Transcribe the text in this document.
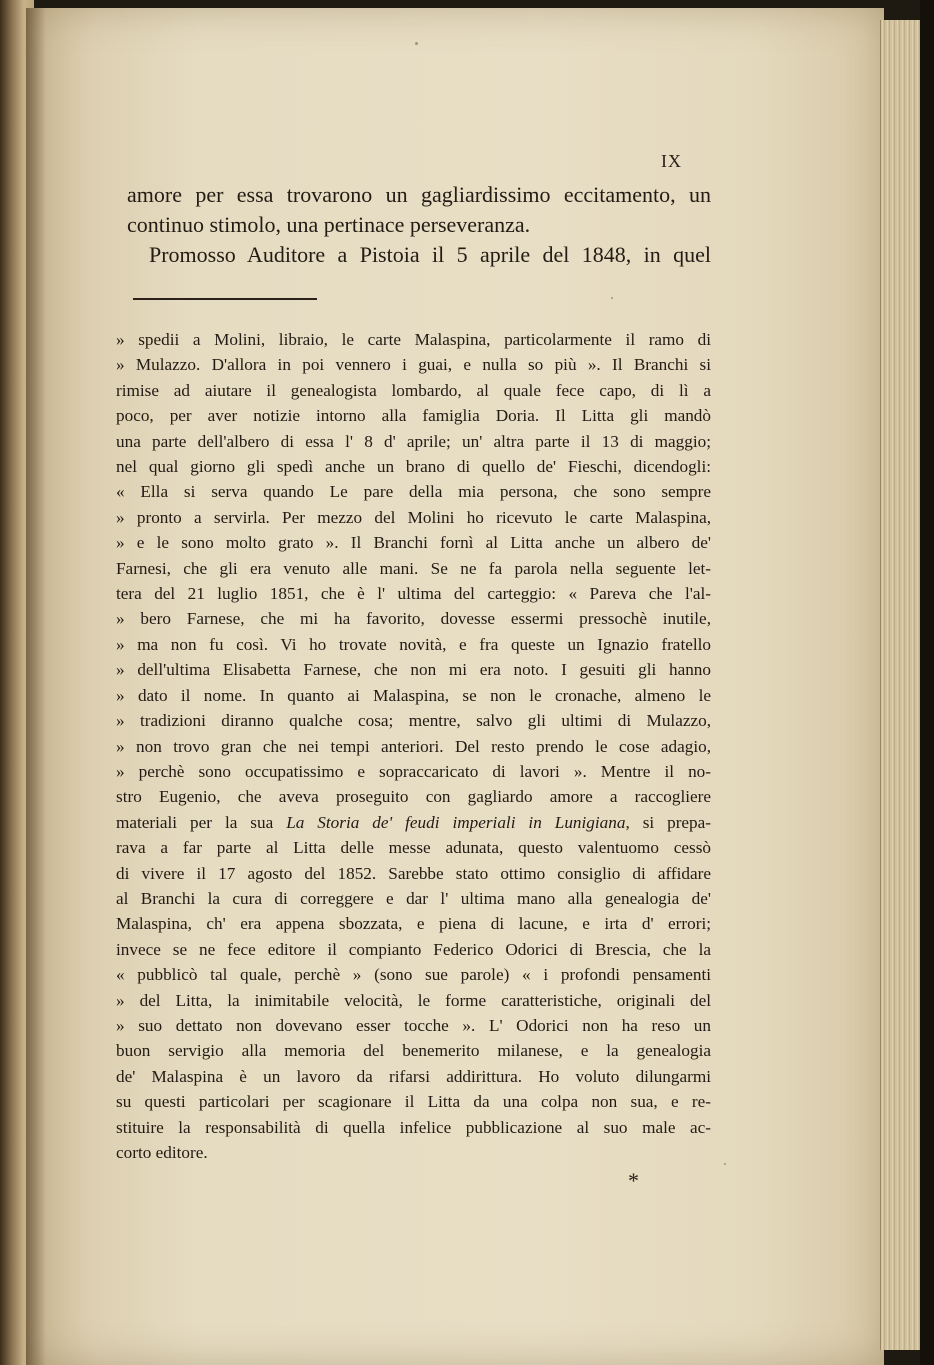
IX
amore per essa trovarono un gagliardissimo eccitamento, un
continuo stimolo, una pertinace perseveranza.
Promosso Auditore a Pistoia il 5 aprile del 1848, in quel
» spedii a Molini, libraio, le carte Malaspina, particolarmente il ramo di
» Mulazzo. D'allora in poi vennero i guai, e nulla so più ». Il Branchi si
rimise ad aiutare il genealogista lombardo, al quale fece capo, di lì a
poco, per aver notizie intorno alla famiglia Doria. Il Litta gli mandò
una parte dell'albero di essa l' 8 d' aprile; un' altra parte il 13 di maggio;
nel qual giorno gli spedì anche un brano di quello de' Fieschi, dicendogli:
« Ella si serva quando Le pare della mia persona, che sono sempre
» pronto a servirla. Per mezzo del Molini ho ricevuto le carte Malaspina,
» e le sono molto grato ». Il Branchi fornì al Litta anche un albero de'
Farnesi, che gli era venuto alle mani. Se ne fa parola nella seguente let-
tera del 21 luglio 1851, che è l' ultima del carteggio: « Pareva che l'al-
» bero Farnese, che mi ha favorito, dovesse essermi pressochè inutile,
» ma non fu così. Vi ho trovate novità, e fra queste un Ignazio fratello
» dell'ultima Elisabetta Farnese, che non mi era noto. I gesuiti gli hanno
» dato il nome. In quanto ai Malaspina, se non le cronache, almeno le
» tradizioni diranno qualche cosa; mentre, salvo gli ultimi di Mulazzo,
» non trovo gran che nei tempi anteriori. Del resto prendo le cose adagio,
» perchè sono occupatissimo e sopraccaricato di lavori ». Mentre il no-
stro Eugenio, che aveva proseguito con gagliardo amore a raccogliere
materiali per la sua La Storia de' feudi imperiali in Lunigiana, si prepa-
rava a far parte al Litta delle messe adunata, questo valentuomo cessò
di vivere il 17 agosto del 1852. Sarebbe stato ottimo consiglio di affidare
al Branchi la cura di correggere e dar l' ultima mano alla genealogia de'
Malaspina, ch' era appena sbozzata, e piena di lacune, e irta d' errori;
invece se ne fece editore il compianto Federico Odorici di Brescia, che la
« pubblicò tal quale, perchè » (sono sue parole) « i profondi pensamenti
» del Litta, la inimitabile velocità, le forme caratteristiche, originali del
» suo dettato non dovevano esser tocche ». L' Odorici non ha reso un
buon servigio alla memoria del benemerito milanese, e la genealogia
de' Malaspina è un lavoro da rifarsi addirittura. Ho voluto dilungarmi
su questi particolari per scagionare il Litta da una colpa non sua, e re-
stituire la responsabilità di quella infelice pubblicazione al suo male ac-
corto editore.
*
